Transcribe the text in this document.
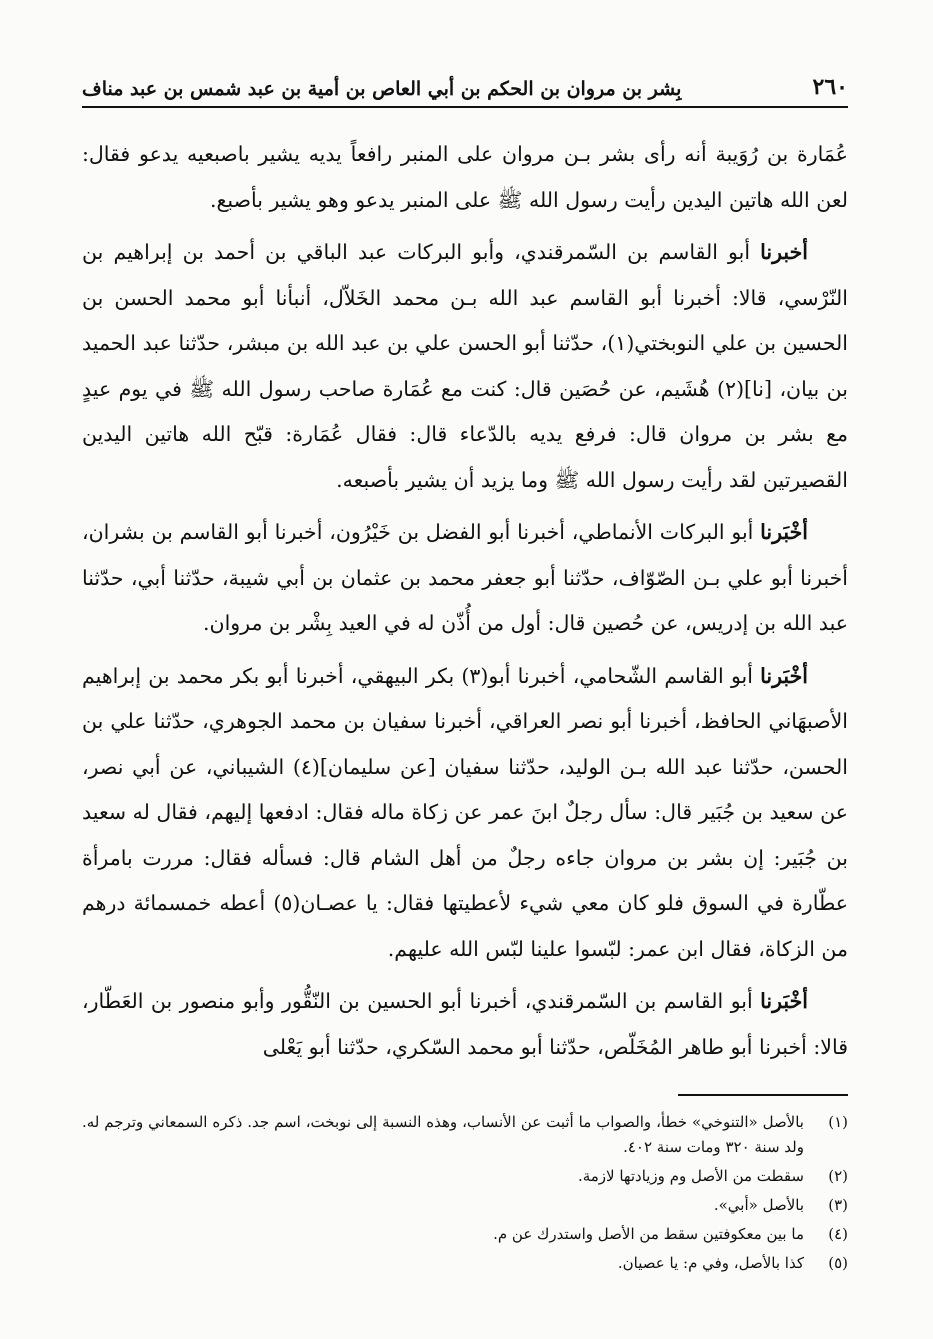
٢٦٠
بِشر بن مروان بن الحكم بن أبي العاص بن أمية بن عبد شمس بن عبد مناف

عُمَارة بن رُوَيبة أنه رأى بشر بـن مروان على المنبر رافعاً يديه يشير باصبعيه يدعو فقال: لعن الله هاتين اليدين رأيت رسول الله ﷺ على المنبر يدعو وهو يشير بأصبع.

أخبرنا أبو القاسم بن السّمرقندي، وأبو البركات عبد الباقي بن أحمد بن إبراهيم بن النّرْسي، قالا: أخبرنا أبو القاسم عبد الله بـن محمد الخَلاّل، أنبأنا أبو محمد الحسن بن الحسين بن علي النوبختي(١)، حدّثنا أبو الحسن علي بن عبد الله بن مبشر، حدّثنا عبد الحميد بن بيان، [نا](٢) هُشَيم، عن حُصَين قال: كنت مع عُمَارة صاحب رسول الله ﷺ في يوم عيدٍ مع بشر بن مروان قال: فرفع يديه بالدّعاء قال: فقال عُمَارة: قبّح الله هاتين اليدين القصيرتين لقد رأيت رسول الله ﷺ وما يزيد أن يشير بأصبعه.

أخْبَرنا أبو البركات الأنماطي، أخبرنا أبو الفضل بن خَيْرُون، أخبرنا أبو القاسم بن بشران، أخبرنا أبو علي بـن الصّوّاف، حدّثنا أبو جعفر محمد بن عثمان بن أبي شيبة، حدّثنا أبي، حدّثنا عبد الله بن إدريس، عن حُصين قال: أول من أُذّن له في العيد بِشْر بن مروان.

أخْبَرنا أبو القاسم الشّحامي، أخبرنا أبو(٣) بكر البيهقي، أخبرنا أبو بكر محمد بن إبراهيم الأصبهَاني الحافظ، أخبرنا أبو نصر العراقي، أخبرنا سفيان بن محمد الجوهري، حدّثنا علي بن الحسن، حدّثنا عبد الله بـن الوليد، حدّثنا سفيان [عن سليمان](٤) الشيباني، عن أبي نصر، عن سعيد بن جُبَير قال: سأل رجلٌ ابنَ عمر عن زكاة ماله فقال: ادفعها إليهم، فقال له سعيد بن جُبَير: إن بشر بن مروان جاءه رجلٌ من أهل الشام قال: فسأله فقال: مررت بامرأة عطّارة في السوق فلو كان معي شيء لأعطيتها فقال: يا عصـان(٥) أعطه خمسمائة درهم من الزكاة، فقال ابن عمر: لبّسوا علينا لبّس الله عليهم.

أخْبَرنا أبو القاسم بن السّمرقندي، أخبرنا أبو الحسين بن النّقُّور وأبو منصور بن العَطّار، قالا: أخبرنا أبو طاهر المُخَلّص، حدّثنا أبو محمد السّكري، حدّثنا أبو يَعْلى

(١)
بالأصل «التنوخي» خطأ، والصواب ما أثبت عن الأنساب، وهذه النسبة إلى نوبخت، اسم جد. ذكره السمعاني وترجم له. ولد سنة ٣٢٠ ومات سنة ٤٠٢.
(٢)
سقطت من الأصل وم وزيادتها لازمة.
(٣)
بالأصل «أبي».
(٤)
ما بين معكوفتين سقط من الأصل واستدرك عن م.
(٥)
كذا بالأصل، وفي م: يا عصيان.
